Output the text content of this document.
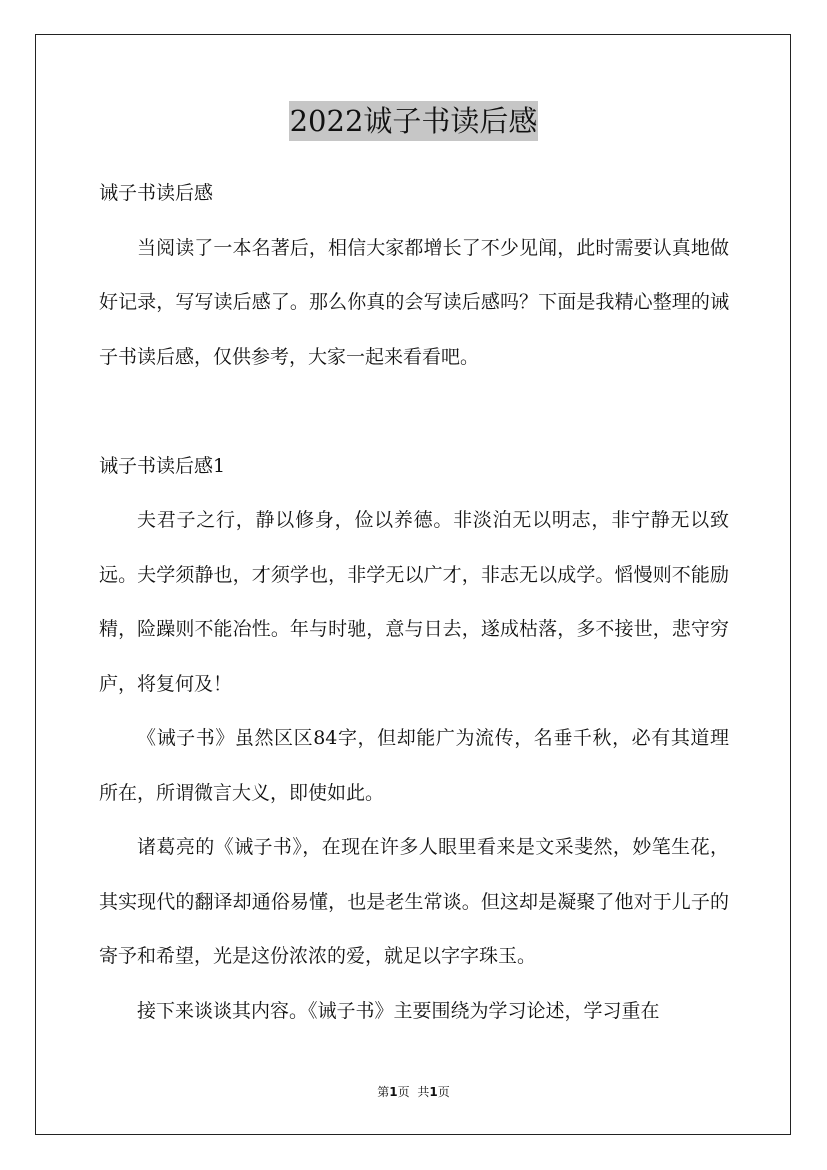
2022诚子书读后感

诫子书读后感

当阅读了一本名著后，相信大家都增长了不少见闻，此时需要认真地做好记录，写写读后感了。那么你真的会写读后感吗？下面是我精心整理的诫子书读后感，仅供参考，大家一起来看看吧。

诫子书读后感1

夫君子之行，静以修身，俭以养德。非淡泊无以明志，非宁静无以致远。夫学须静也，才须学也，非学无以广才，非志无以成学。慆慢则不能励精，险躁则不能冶性。年与时驰，意与日去，遂成枯落，多不接世，悲守穷庐，将复何及！

《诫子书》虽然区区84字，但却能广为流传，名垂千秋，必有其道理所在，所谓微言大义，即使如此。

诸葛亮的《诫子书》，在现在许多人眼里看来是文采斐然，妙笔生花，其实现代的翻译却通俗易懂，也是老生常谈。但这却是凝聚了他对于儿子的寄予和希望，光是这份浓浓的爱，就足以字字珠玉。

接下来谈谈其内容。《诫子书》主要围绕为学习论述，学习重在

第1页 共1页
